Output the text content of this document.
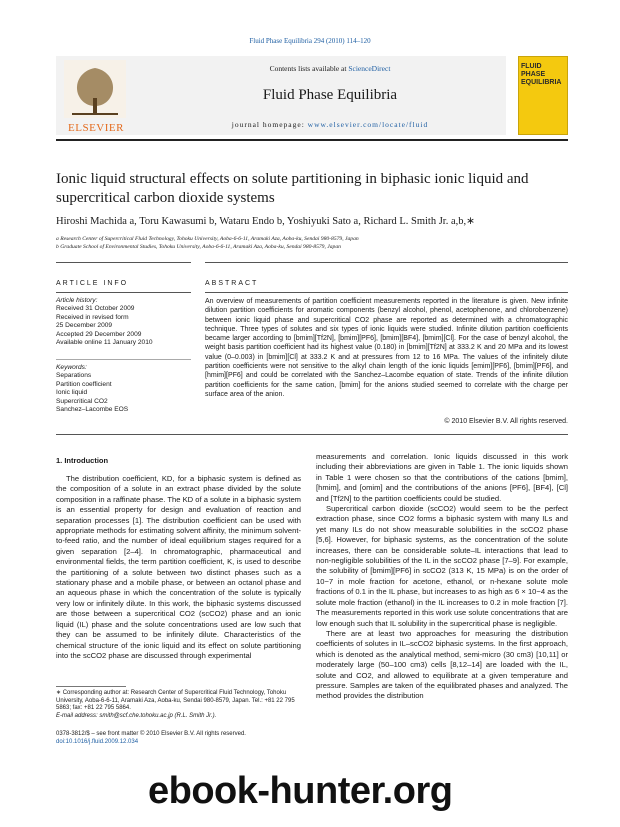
Fluid Phase Equilibria 294 (2010) 114–120
ELSEVIER
Contents lists available at ScienceDirect
Fluid Phase Equilibria
journal homepage: www.elsevier.com/locate/fluid
FLUID PHASE EQUILIBRIA
Ionic liquid structural effects on solute partitioning in biphasic ionic liquid and supercritical carbon dioxide systems
Hiroshi Machida a, Toru Kawasumi b, Wataru Endo b, Yoshiyuki Sato a, Richard L. Smith Jr. a,b,∗
a Research Center of Supercritical Fluid Technology, Tohoku University, Aoba-6-6-11, Aramaki Aza, Aoba-ku, Sendai 980-8579, Japan
b Graduate School of Environmental Studies, Tohoku University, Aoba-6-6-11, Aramaki Aza, Aoba-ku, Sendai 980-8579, Japan
ARTICLE INFO
Article history:
Received 31 October 2009
Received in revised form
25 December 2009
Accepted 29 December 2009
Available online 11 January 2010
Keywords:
Separations
Partition coefficient
Ionic liquid
Supercritical CO2
Sanchez–Lacombe EOS
ABSTRACT
An overview of measurements of partition coefficient measurements reported in the literature is given. New infinite dilution partition coefficients for aromatic components (benzyl alcohol, phenol, acetophenone, and chlorobenzene) between ionic liquid phase and supercritical CO2 phase are reported as determined with a chromatographic technique. Three types of solutes and six types of ionic liquids were studied. Infinite dilution partition coefficients became larger according to [bmim][Tf2N], [bmim][PF6], [bmim][BF4], [bmim][Cl]. For the case of benzyl alcohol, the weight basis partition coefficient had its highest value (0.180) in [bmim][Tf2N] at 333.2 K and 20 MPa and its lowest value (0–0.003) in [bmim][Cl] at 333.2 K and at pressures from 12 to 16 MPa. The values of the infinitely dilute partition coefficients were not sensitive to the alkyl chain length of the ionic liquids [emim][PF6], [bmim][PF6], and [hmim][PF6] and could be correlated with the Sanchez–Lacombe equation of state. Trends of the infinite dilution partition coefficients for the same cation, [bmim] for the anions studied seemed to correlate with the charge per surface area of the anion.
© 2010 Elsevier B.V. All rights reserved.
1. Introduction

The distribution coefficient, KD, for a biphasic system is defined as the composition of a solute in an extract phase divided by the solute composition in a raffinate phase. The KD of a solute in a biphasic system is an essential property for design and evaluation of reaction and separation processes [1]. The distribution coefficient can be used with appropriate methods for estimating solvent affinity, the minimum solvent-to-feed ratio, and the number of ideal equilibrium stages required for a given separation [2–4]. In chromatographic, pharmaceutical and environmental fields, the term partition coefficient, K, is used to describe the partitioning of a solute between two distinct phases such as a stationary phase and a mobile phase, or between an octanol phase and an aqueous phase in which the concentration of the solute is typically very low or infinitely dilute. In this work, the biphasic systems discussed are those between a supercritical CO2 (scCO2) phase and an ionic liquid (IL) phase and the solute concentrations used are low such that they can be assumed to be infinitely dilute. Characteristics of the chemical structure of the ionic liquid and its effect on solute partitioning into the scCO2 phase are discussed through experimental

measurements and correlation. Ionic liquids discussed in this work including their abbreviations are given in Table 1. The ionic liquids shown in Table 1 were chosen so that the contributions of the cations [bmim], [hmim], and [omim] and the contributions of the anions [PF6], [BF4], [Cl] and [Tf2N] to the partition coefficients could be studied.

Supercritical carbon dioxide (scCO2) would seem to be the perfect extraction phase, since CO2 forms a biphasic system with many ILs and yet many ILs do not show measurable solubilities in the scCO2 phase [5,6]. However, for biphasic systems, as the concentration of the solute increases, there can be considerable solute–IL interactions that lead to non-negligible solubilities of the IL in the scCO2 phase [7–9]. For example, the solubility of [bmim][PF6] in scCO2 (313 K, 15 MPa) is on the order of 10−7 in mole fraction for acetone, ethanol, or n-hexane solute mole fractions of 0.1 in the IL phase, but increases to as high as 6 × 10−4 as the solute mole fraction (ethanol) in the IL increases to 0.2 in mole fraction [7]. The measurements reported in this work use solute concentrations that are low enough such that IL solubility in the supercritical phase is negligible.

There are at least two approaches for measuring the distribution coefficients of solutes in IL–scCO2 biphasic systems. In the first approach, which is denoted as the analytical method, semi-micro (30 cm3) [10,11] or moderately large (50–100 cm3) cells [8,12–14] are loaded with the IL, solute and CO2, and allowed to equilibrate at a given temperature and pressure. Samples are taken of the equilibrated phases and analyzed. The method provides the distribution

∗ Corresponding author at: Research Center of Supercritical Fluid Technology, Tohoku University, Aoba-6-6-11, Aramaki Aza, Aoba-ku, Sendai 980-8579, Japan. Tel.: +81 22 795 5863; fax: +81 22 795 5864.
E-mail address: smith@scf.che.tohoku.ac.jp (R.L. Smith Jr.).
0378-3812/$ – see front matter © 2010 Elsevier B.V. All rights reserved.
doi:10.1016/j.fluid.2009.12.034
ebook-hunter.org
